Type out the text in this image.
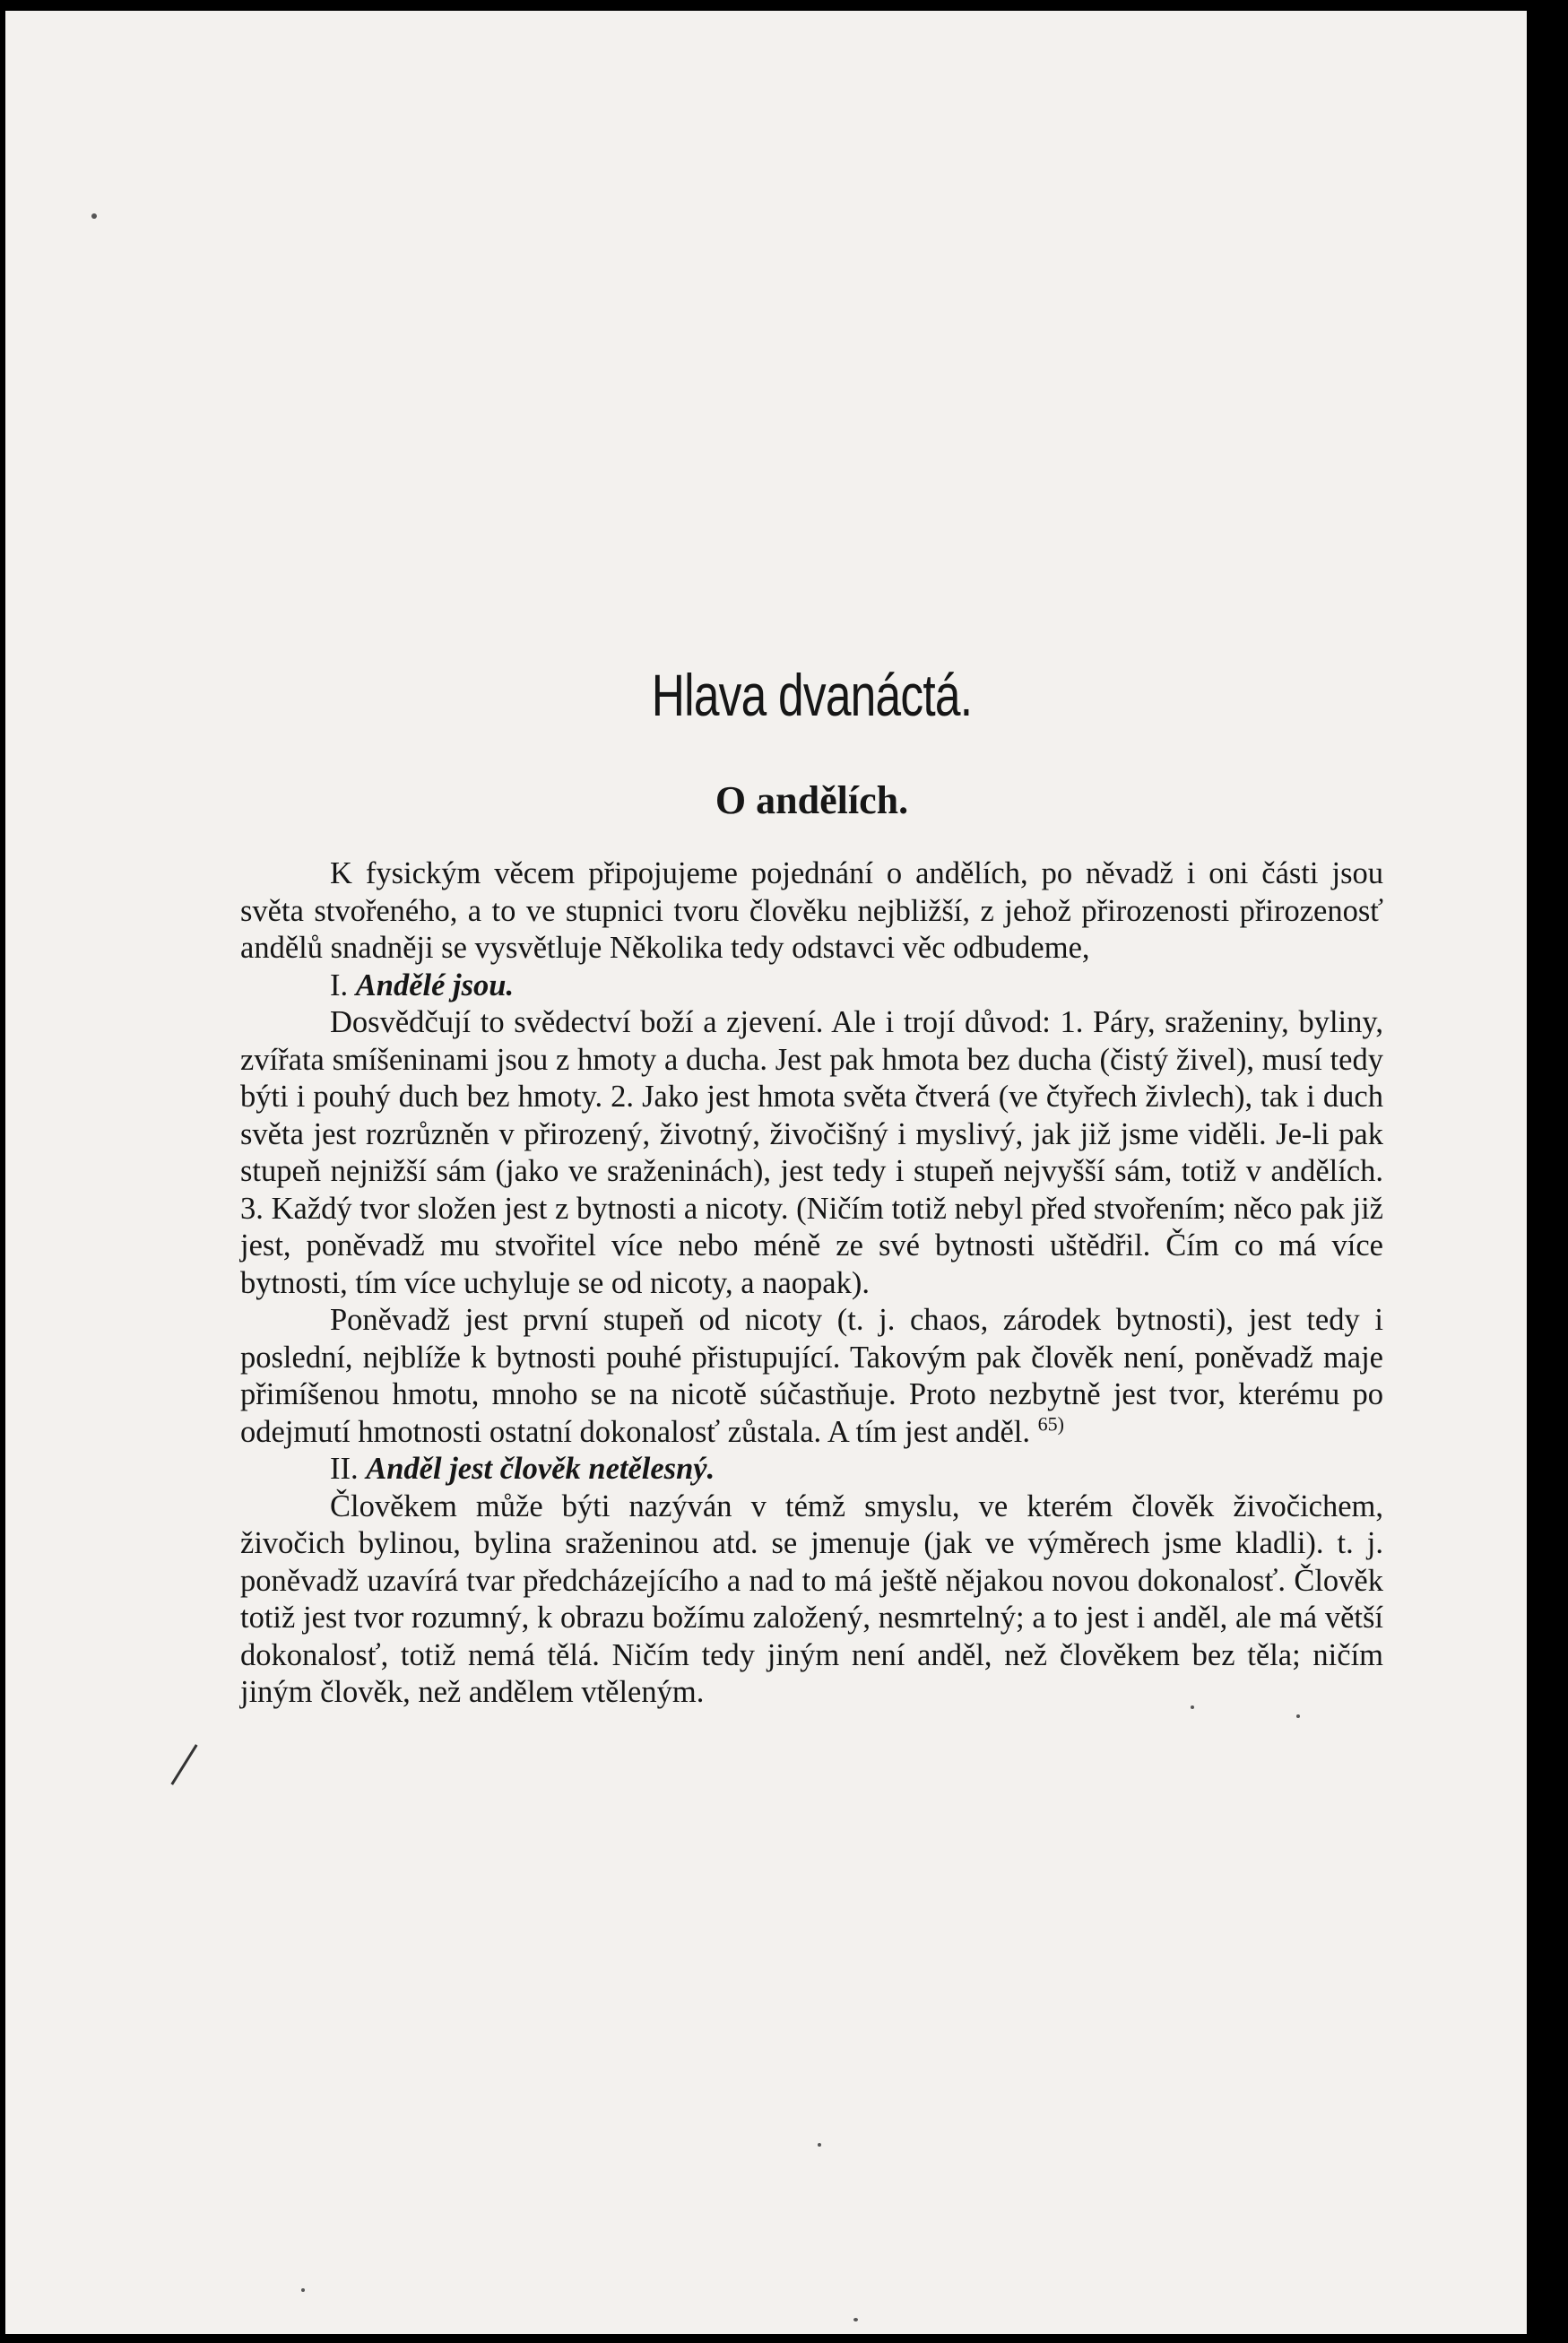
Hlava dvanáctá.
O andělích.

K fysickým věcem připojujeme pojednání o andělích, po něvadž i oni části jsou světa stvořeného, a to ve stupnici tvoru člověku nejbližší, z jehož přirozenosti přirozenosť andělů snadněji se vysvětluje Několika tedy odstavci věc odbudeme,

I. Andělé jsou.

Dosvědčují to svědectví boží a zjevení. Ale i trojí důvod: 1. Páry, sraženiny, byliny, zvířata smíšeninami jsou z hmoty a ducha. Jest pak hmota bez ducha (čistý živel), musí tedy býti i pouhý duch bez hmoty. 2. Jako jest hmota světa čtverá (ve čtyřech živlech), tak i duch světa jest rozrůzněn v přirozený, životný, živočišný i myslivý, jak již jsme viděli. Je-li pak stupeň nejnižší sám (jako ve sraženinách), jest tedy i stupeň nejvyšší sám, totiž v andělích. 3. Každý tvor složen jest z bytnosti a nicoty. (Ničím totiž nebyl před stvořením; něco pak již jest, poněvadž mu stvořitel více nebo méně ze své bytnosti uštědřil. Čím co má více bytnosti, tím více uchyluje se od nicoty, a naopak).

Poněvadž jest první stupeň od nicoty (t. j. chaos, zárodek bytnosti), jest tedy i poslední, nejblíže k bytnosti pouhé přistupující. Takovým pak člověk není, poněvadž maje přimíšenou hmotu, mnoho se na nicotě súčastňuje. Proto nezbytně jest tvor, kterému po odejmutí hmotnosti ostatní dokonalosť zůstala. A tím jest anděl. $^{65)}$

II. Anděl jest člověk netělesný.

Člověkem může býti nazýván v témž smyslu, ve kterém člověk živočichem, živočich bylinou, bylina sraženinou atd. se jmenuje (jak ve výměrech jsme kladli). t. j. poněvadž uzavírá tvar předcházejícího a nad to má ještě nějakou novou dokonalosť. Člověk totiž jest tvor rozumný, k obrazu božímu založený, nesmrtelný; a to jest i anděl, ale má větší dokonalosť, totiž nemá tělá. Ničím tedy jiným není anděl, než člověkem bez těla; ničím jiným člověk, než andělem vtěleným.
